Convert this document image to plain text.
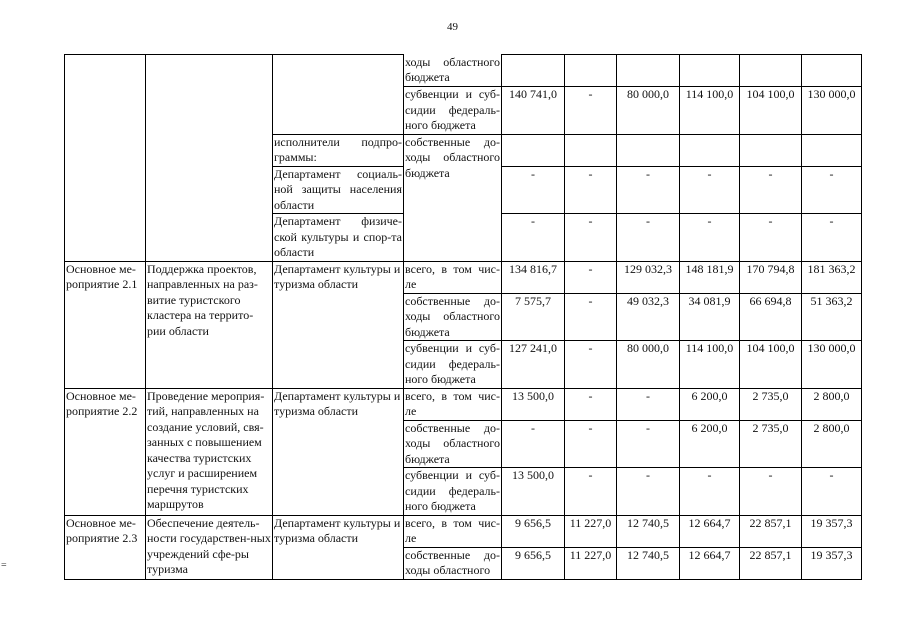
49
=
			ходы областного бюджета						
			субвенции и суб-сидии федераль-ного бюджета	140 741,0	-	80 000,0	114 100,0	104 100,0	130 000,0
		исполнители подпро-граммы:	собственные до-ходы областного бюджета						
		Департамент социаль-ной защиты населения области		-	-	-	-	-	-
		Департамент физиче-ской культуры и спор-та области		-	-	-	-	-	-
Основное ме-роприятие 2.1	Поддержка проектов, направленных на раз-витие туристского кластера на террито-рии области	Департамент культуры и туризма области	всего, в том чис-ле	134 816,7	-	129 032,3	148 181,9	170 794,8	181 363,2
			собственные до-ходы областного бюджета	7 575,7	-	49 032,3	34 081,9	66 694,8	51 363,2
			субвенции и суб-сидии федераль-ного бюджета	127 241,0	-	80 000,0	114 100,0	104 100,0	130 000,0
Основное ме-роприятие 2.2	Проведение мероприя-тий, направленных на создание условий, свя-занных с повышением качества туристских услуг и расширением перечня туристских маршрутов	Департамент культуры и туризма области	всего, в том чис-ле	13 500,0	-	-	6 200,0	2 735,0	2 800,0
			собственные до-ходы областного бюджета	-	-	-	6 200,0	2 735,0	2 800,0
			субвенции и суб-сидии федераль-ного бюджета	13 500,0	-	-	-	-	-
Основное ме-роприятие 2.3	Обеспечение деятель-ности государствен-ных учреждений сфе-ры туризма	Департамент культуры и туризма области	всего, в том чис-ле	9 656,5	11 227,0	12 740,5	12 664,7	22 857,1	19 357,3
			собственные до-ходы областного	9 656,5	11 227,0	12 740,5	12 664,7	22 857,1	19 357,3
